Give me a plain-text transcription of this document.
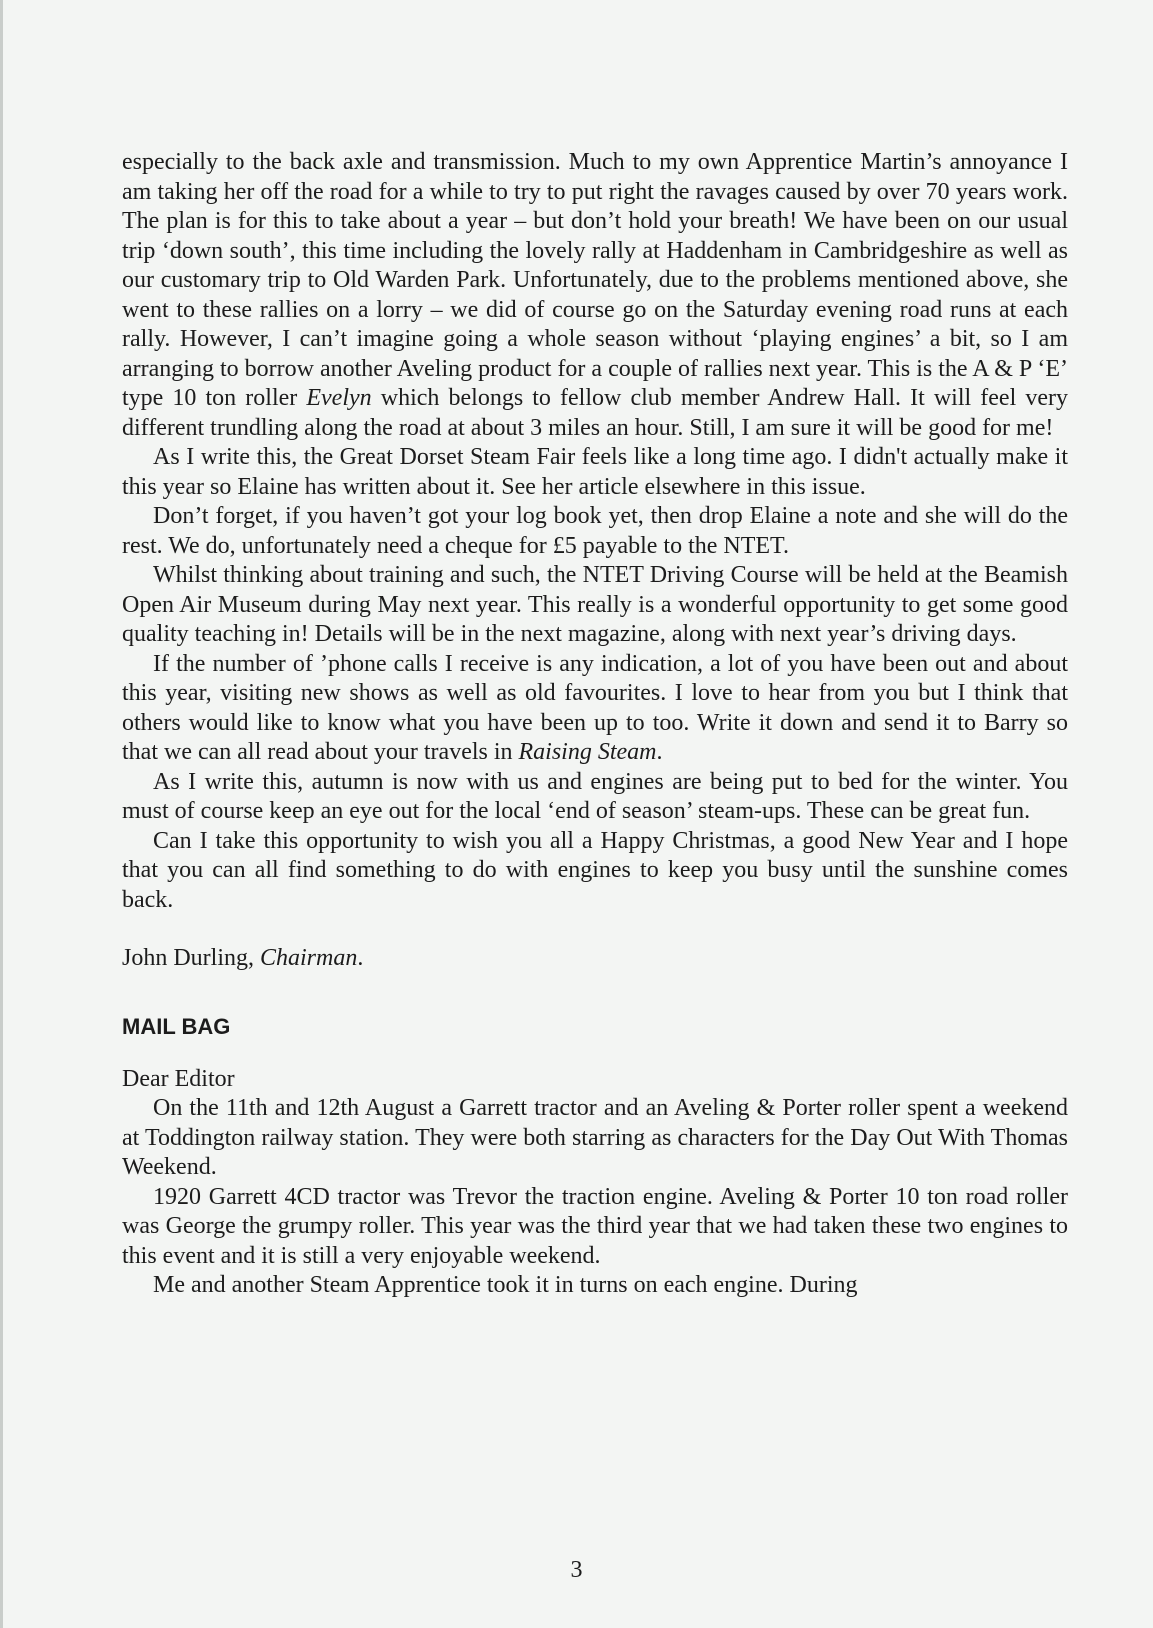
especially to the back axle and transmission. Much to my own Apprentice Martin’s annoyance I am taking her off the road for a while to try to put right the ravages caused by over 70 years work. The plan is for this to take about a year – but don’t hold your breath! We have been on our usual trip ‘down south’, this time including the lovely rally at Haddenham in Cambridgeshire as well as our customary trip to Old Warden Park. Unfortunately, due to the problems mentioned above, she went to these rallies on a lorry – we did of course go on the Saturday evening road runs at each rally. However, I can’t imagine going a whole season without ‘playing engines’ a bit, so I am arranging to borrow another Aveling product for a couple of rallies next year. This is the A & P ‘E’ type 10 ton roller Evelyn which belongs to fellow club member Andrew Hall. It will feel very different trundling along the road at about 3 miles an hour. Still, I am sure it will be good for me!

As I write this, the Great Dorset Steam Fair feels like a long time ago. I didn't actually make it this year so Elaine has written about it. See her article elsewhere in this issue.

Don’t forget, if you haven’t got your log book yet, then drop Elaine a note and she will do the rest. We do, unfortunately need a cheque for £5 payable to the NTET.

Whilst thinking about training and such, the NTET Driving Course will be held at the Beamish Open Air Museum during May next year. This really is a wonderful opportunity to get some good quality teaching in! Details will be in the next magazine, along with next year’s driving days.

If the number of ’phone calls I receive is any indication, a lot of you have been out and about this year, visiting new shows as well as old favourites. I love to hear from you but I think that others would like to know what you have been up to too. Write it down and send it to Barry so that we can all read about your travels in Raising Steam.

As I write this, autumn is now with us and engines are being put to bed for the winter. You must of course keep an eye out for the local ‘end of season’ steam-ups. These can be great fun.

Can I take this opportunity to wish you all a Happy Christmas, a good New Year and I hope that you can all find something to do with engines to keep you busy until the sunshine comes back.

John Durling, Chairman.

MAIL BAG

Dear Editor

On the 11th and 12th August a Garrett tractor and an Aveling & Porter roller spent a weekend at Toddington railway station. They were both starring as characters for the Day Out With Thomas Weekend.

1920 Garrett 4CD tractor was Trevor the traction engine. Aveling & Porter 10 ton road roller was George the grumpy roller. This year was the third year that we had taken these two engines to this event and it is still a very enjoyable weekend.

Me and another Steam Apprentice took it in turns on each engine. During

3
